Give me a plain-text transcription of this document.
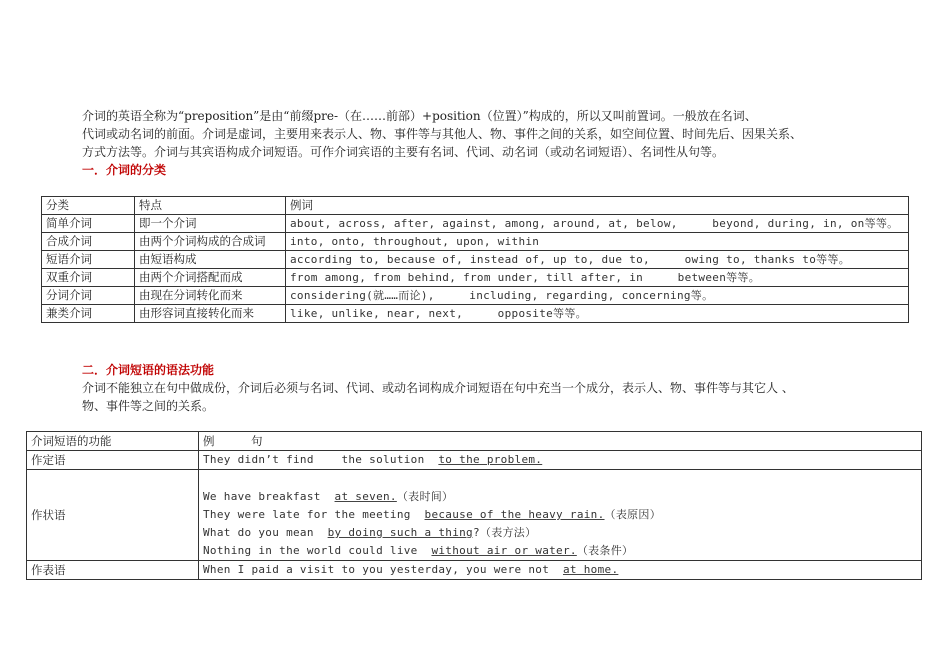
介词的英语全称为“preposition”是由“前缀pre-（在……前部）+position（位置）”构成的，所以又叫前置词。一般放在名词、
代词或动名词的前面。介词是虚词，主要用来表示人、物、事件等与其他人、物、事件之间的关系，如空间位置、时间先后、因果关系、
方式方法等。介词与其宾语构成介词短语。可作介词宾语的主要有名词、代词、动名词（或动名词短语）、名词性从句等。
一．介词的分类
分类	特点	例词
简单介词	即一个介词	about, across, after, against, among, around, at, below,     beyond, during, in, on等等。
合成介词	由两个介词构成的合成词	into, onto, throughout, upon, within
短语介词	由短语构成	according to, because of, instead of, up to, due to,     owing to, thanks to等等。
双重介词	由两个介词搭配而成	from among, from behind, from under, till after, in     between等等。
分词介词	由现在分词转化而来	considering(就……而论),     including, regarding, concerning等。
兼类介词	由形容词直接转化而来	like, unlike, near, next,     opposite等等。
二．介词短语的语法功能
介词不能独立在句中做成份，介词后必须与名词、代词、或动名词构成介词短语在句中充当一个成分，表示人、物、事件等与其它人 、
物、事件等之间的关系。
介词短语的功能	例          句
作定语	They didn’t find    the solution  to the problem.
作状语	We have breakfast  at seven.（表时间）
They were late for the meeting  because of the heavy rain.（表原因）
What do you mean  by doing such a thing?（表方法）
Nothing in the world could live  without air or water.（表条件）

作表语	When I paid a visit to you yesterday, you were not  at home.
